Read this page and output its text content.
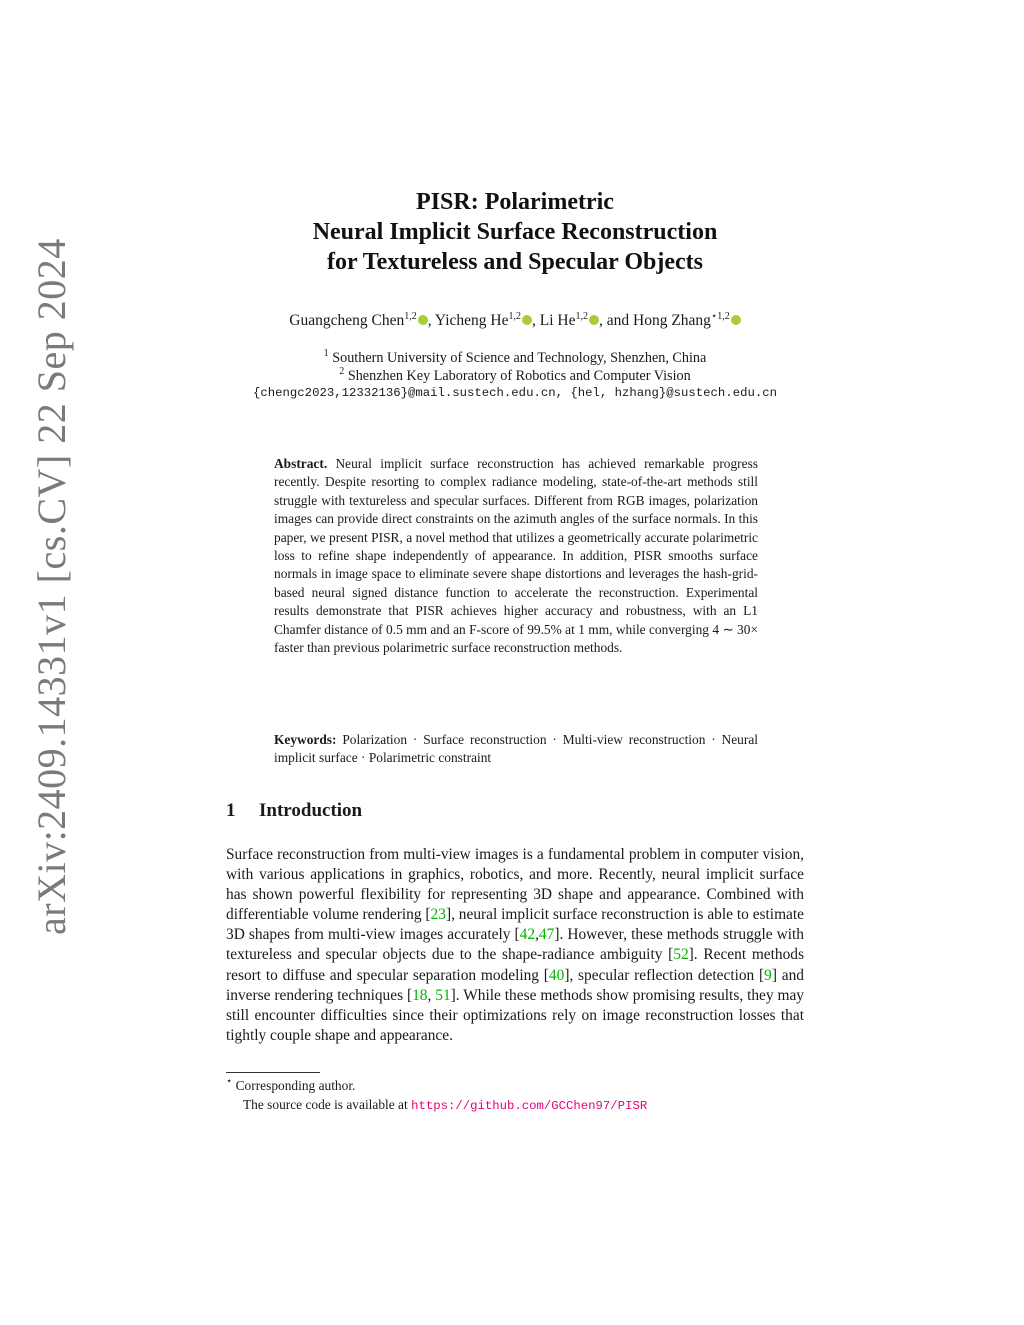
arXiv:2409.14331v1 [cs.CV] 22 Sep 2024
PISR: Polarimetric
Neural Implicit Surface Reconstruction
for Textureless and Specular Objects
Guangcheng Chen$^{1,2}$ , Yicheng He$^{1,2}$ , Li He$^{1,2}$ , and Hong Zhang$^{⋆1,2}$
$^1$ Southern University of Science and Technology, Shenzhen, China
$^2$ Shenzhen Key Laboratory of Robotics and Computer Vision
{chengc2023,12332136}@mail.sustech.edu.cn, {hel, hzhang}@sustech.edu.cn
Abstract. Neural implicit surface reconstruction has achieved remarkable progress recently. Despite resorting to complex radiance modeling, state-of-the-art methods still struggle with textureless and specular surfaces. Different from RGB images, polarization images can provide direct constraints on the azimuth angles of the surface normals. In this paper, we present PISR, a novel method that utilizes a geometrically accurate polarimetric loss to refine shape independently of appearance. In addition, PISR smooths surface normals in image space to eliminate severe shape distortions and leverages the hash-grid-based neural signed distance function to accelerate the reconstruction. Experimental results demonstrate that PISR achieves higher accuracy and robustness, with an L1 Chamfer distance of 0.5 mm and an F-score of 99.5% at 1 mm, while converging 4 ∼ 30× faster than previous polarimetric surface reconstruction methods.
Keywords: Polarization · Surface reconstruction · Multi-view reconstruction · Neural implicit surface · Polarimetric constraint
1 Introduction
Surface reconstruction from multi-view images is a fundamental problem in computer vision, with various applications in graphics, robotics, and more. Recently, neural implicit surface has shown powerful flexibility for representing 3D shape and appearance. Combined with differentiable volume rendering [23], neural implicit surface reconstruction is able to estimate 3D shapes from multi-view images accurately [42,47]. However, these methods struggle with textureless and specular objects due to the shape-radiance ambiguity [52]. Recent methods resort to diffuse and specular separation modeling [40], specular reflection detection [9] and inverse rendering techniques [18, 51]. While these methods show promising results, they may still encounter difficulties since their optimizations rely on image reconstruction losses that tightly couple shape and appearance.
⋆ Corresponding author.
The source code is available at https://github.com/GCChen97/PISR
